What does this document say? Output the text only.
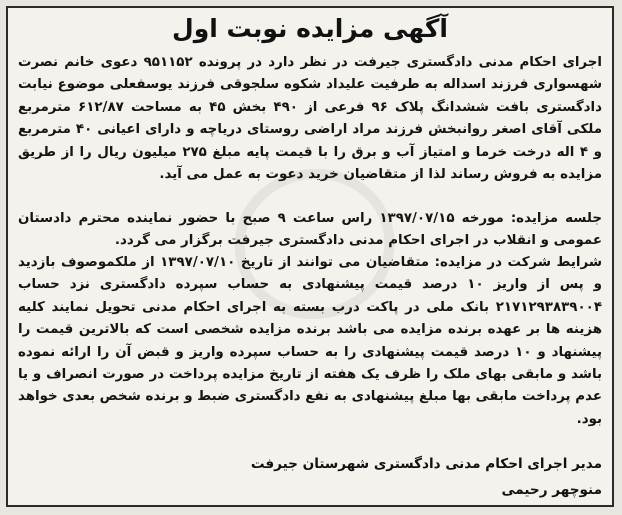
آگهی مزایده نوبت اول
اجرای احکام مدنی دادگستری جیرفت در نظر دارد در پرونده ۹۵۱۱۵۲ دعوی خانم نصرت شهسواری فرزند اسداله به طرفیت علیداد شکوه سلجوقی فرزند یوسفعلی موضوع نیابت دادگستری بافت ششدانگ پلاک ۹۶ فرعی از ۴۹۰ بخش ۴۵ به مساحت ۶۱۲/۸۷ مترمربع ملکی آقای اصغر روانبخش فرزند مراد اراضی روستای دریاچه و دارای اعیانی ۴۰ مترمربع و ۴ اله درخت خرما و امتیاز آب و برق را با قیمت پایه مبلغ ۲۷۵ میلیون ریال را از طریق مزایده به فروش رساند لذا از متقاضیان خرید دعوت به عمل می آید.
جلسه مزایده: مورخه ۱۳۹۷/۰۷/۱۵ راس ساعت ۹ صبح با حضور نماینده محترم دادستان عمومی و انقلاب در اجرای احکام مدنی دادگستری جیرفت برگزار می گردد.
شرایط شرکت در مزایده: متقاضیان می توانند از تاریخ ۱۳۹۷/۰۷/۱۰ از ملکموصوف بازدید و پس از واریز ۱۰ درصد قیمت پیشنهادی به حساب سپرده دادگستری نزد حساب ۲۱۷۱۲۹۳۸۳۹۰۰۴ بانک ملی در پاکت درب بسته به اجرای احکام مدنی تحویل نمایند کلیه هزینه ها بر عهده برنده مزایده می باشد برنده مزایده شخصی است که بالاترین قیمت را پیشنهاد و ۱۰ درصد قیمت پیشنهادی را به حساب سپرده واریز و قبض آن را ارائه نموده باشد و مابقی بهای ملک را ظرف یک هفته از تاریخ مزایده پرداخت در صورت انصراف و یا عدم پرداخت مابقی بها مبلغ پیشنهادی به نفع دادگستری ضبط و برنده شخص بعدی خواهد بود.
مدیر اجرای احکام مدنی دادگستری شهرستان جیرفت
منوچهر رحیمی
